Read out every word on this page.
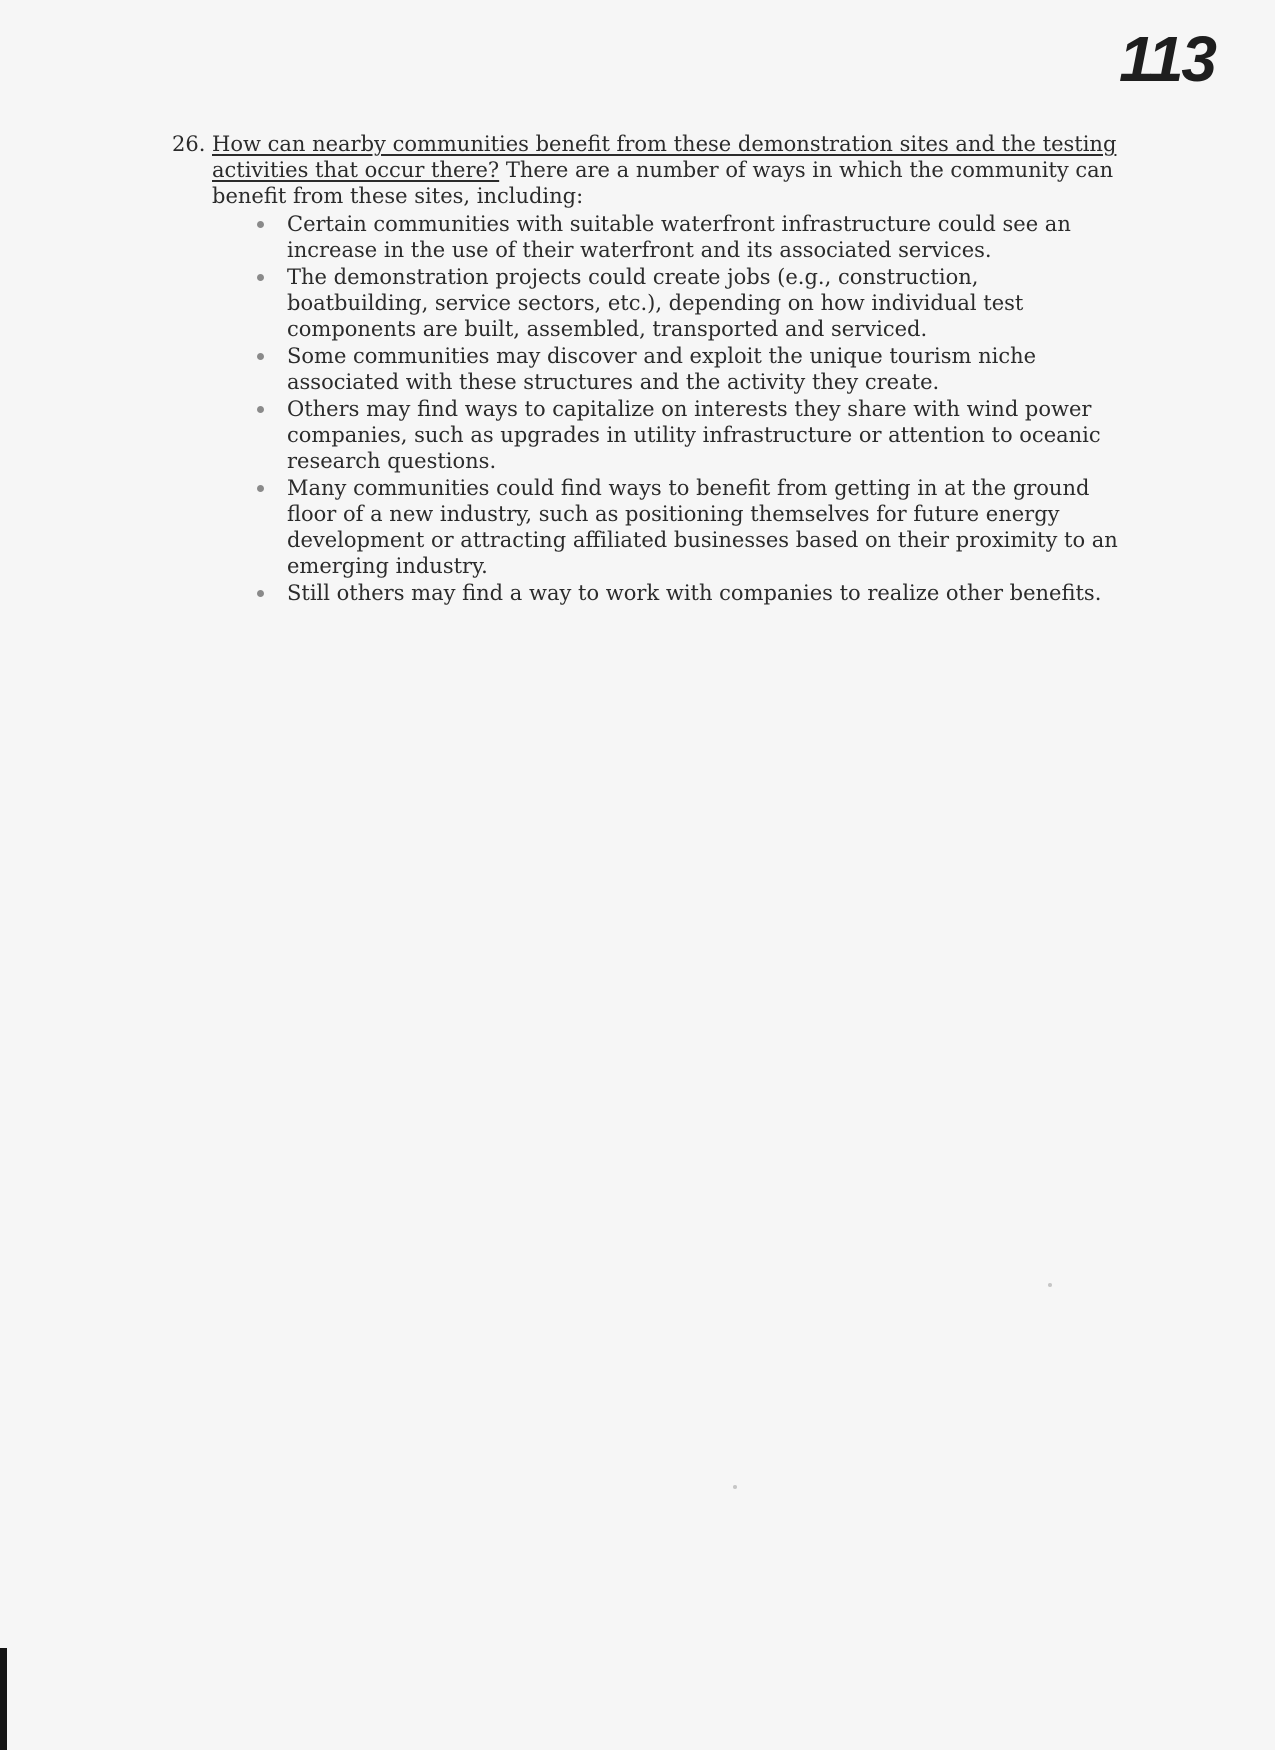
113
26. How can nearby communities benefit from these demonstration sites and the testing activities that occur there? There are a number of ways in which the community can benefit from these sites, including:
Certain communities with suitable waterfront infrastructure could see an increase in the use of their waterfront and its associated services.
The demonstration projects could create jobs (e.g., construction, boatbuilding, service sectors, etc.), depending on how individual test components are built, assembled, transported and serviced.
Some communities may discover and exploit the unique tourism niche associated with these structures and the activity they create.
Others may find ways to capitalize on interests they share with wind power companies, such as upgrades in utility infrastructure or attention to oceanic research questions.
Many communities could find ways to benefit from getting in at the ground floor of a new industry, such as positioning themselves for future energy development or attracting affiliated businesses based on their proximity to an emerging industry.
Still others may find a way to work with companies to realize other benefits.
